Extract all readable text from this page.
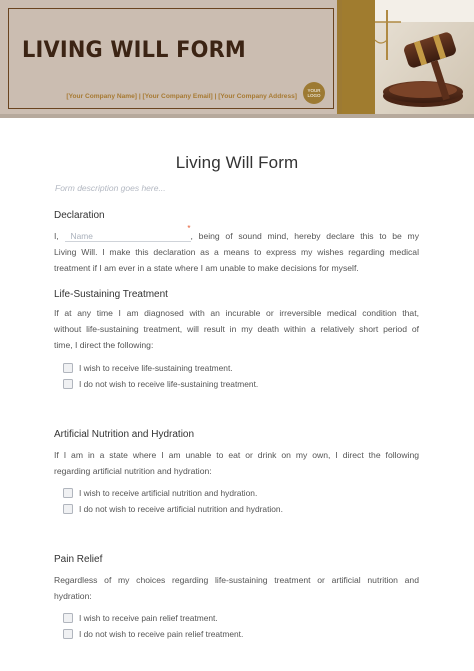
LIVING WILL FORM
[Your Company Name] | [Your Company Email] | [Your Company Address]
YOUR
LOGO
Living Will Form
Form description goes here...
Declaration
I, Name
*
, being of sound mind, hereby declare this to be my
Living Will. I make this declaration as a means to express my wishes regarding medical
treatment if I am ever in a state where I am unable to make decisions for myself.
Life-Sustaining Treatment
If at any time I am diagnosed with an incurable or irreversible medical condition that,
without life-sustaining treatment, will result in my death within a relatively short period of
time, I direct the following:
I wish to receive life-sustaining treatment.
I do not wish to receive life-sustaining treatment.
Artificial Nutrition and Hydration
If I am in a state where I am unable to eat or drink on my own, I direct the following
regarding artificial nutrition and hydration:
I wish to receive artificial nutrition and hydration.
I do not wish to receive artificial nutrition and hydration.
Pain Relief
Regardless of my choices regarding life-sustaining treatment or artificial nutrition and
hydration:
I wish to receive pain relief treatment.
I do not wish to receive pain relief treatment.
